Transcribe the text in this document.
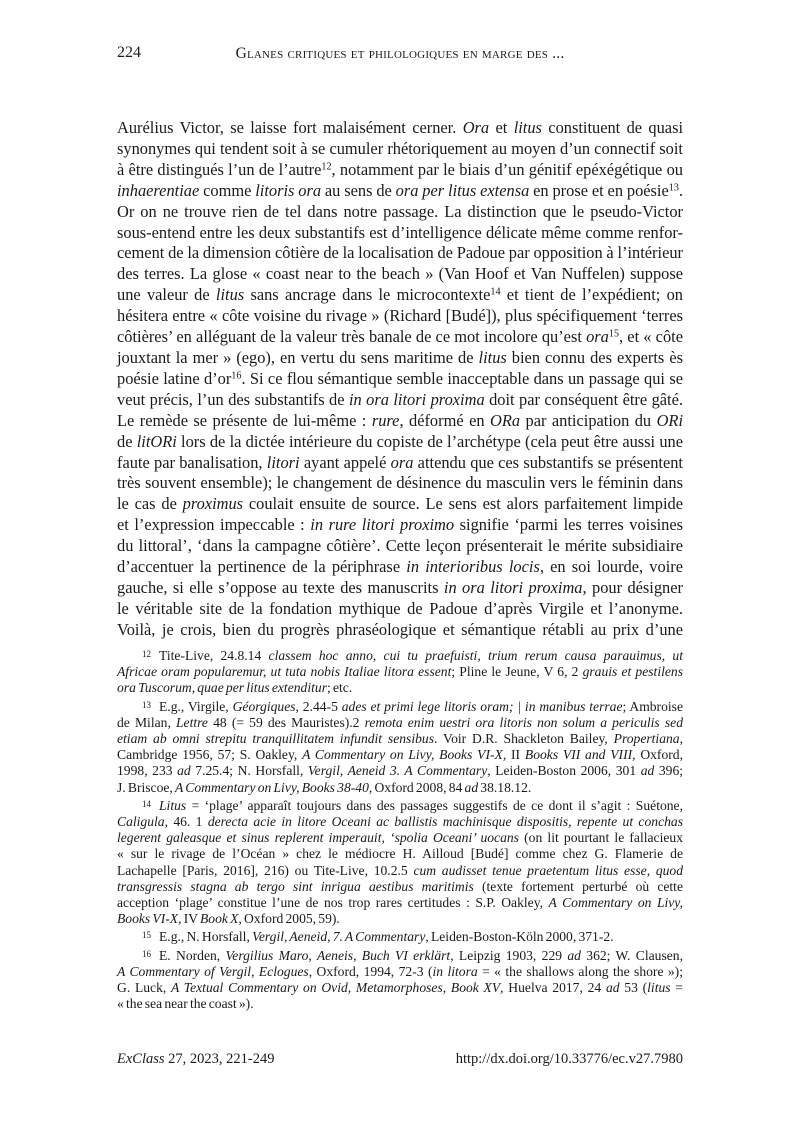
224	Glanes critiques et philologiques en marge des ...
Aurélius Victor, se laisse fort malaisément cerner. Ora et litus constituent de quasi
synonymes qui tendent soit à se cumuler rhétoriquement au moyen d’un connectif soit
à être distingués l’un de l’autre$^{12}$, notamment par le biais d’un génitif epéxégétique ou
inhaerentiae comme litoris ora au sens de ora per litus extensa en prose et en poésie$^{13}$.
Or on ne trouve rien de tel dans notre passage. La distinction que le pseudo-Victor
sous-entend entre les deux substantifs est d’intelligence délicate même comme renfor-
cement de la dimension côtière de la localisation de Padoue par opposition à l’intérieur
des terres. La glose « coast near to the beach » (Van Hoof et Van Nuffelen) suppose
une valeur de litus sans ancrage dans le microcontexte$^{14}$ et tient de l’expédient; on
hésitera entre « côte voisine du rivage » (Richard [Budé]), plus spécifiquement ‘terres
côtières’ en alléguant de la valeur très banale de ce mot incolore qu’est ora$^{15}$, et « côte
jouxtant la mer » (ego), en vertu du sens maritime de litus bien connu des experts ès
poésie latine $d’or^{16}$. Si ce flou sémantique semble inacceptable dans un passage qui se
veut précis, l’un des substantifs de in ora litori proxima doit par conséquent être gâté.
Le remède se présente de lui-même : rure, déformé en ORa par anticipation du ORi
de litORi lors de la dictée intérieure du copiste de l’archétype (cela peut être aussi une
faute par banalisation, litori ayant appelé ora attendu que ces substantifs se présentent
très souvent ensemble); le changement de désinence du masculin vers le féminin dans
le cas de proximus coulait ensuite de source. Le sens est alors parfaitement limpide
et l’expression impeccable : in rure litori proximo signifie ‘parmi les terres voisines
du littoral’, ‘dans la campagne côtière’. Cette leçon présenterait le mérite subsidiaire
d’accentuer la pertinence de la périphrase in interioribus locis, en soi lourde, voire
gauche, si elle s’oppose au texte des manuscrits in ora litori proxima, pour désigner
le véritable site de la fondation mythique de Padoue d’après Virgile et l’anonyme.
Voilà, je crois, bien du progrès phraséologique et sémantique rétabli au prix d’une
12 Tite-Live, 24.8.14 classem hoc anno, cui tu praefuisti, trium rerum causa parauimus, ut
Africae oram popularemur, ut tuta nobis Italiae litora essent; Pline le Jeune, V 6, 2 grauis et pestilens
ora Tuscorum, quae per litus extenditur; etc.
13 E.g., Virgile, Géorgiques, 2.44-5 ades et primi lege litoris oram; | in manibus terrae; Ambroise
de Milan, Lettre 48 (= 59 des Mauristes).2 remota enim uestri ora litoris non solum a periculis sed
etiam ab omni strepitu tranquillitatem infundit sensibus. Voir D.R. Shackleton Bailey, Propertiana,
Cambridge 1956, 57; S. Oakley, A Commentary on Livy, Books VI-X, II Books VII and VIII, Oxford,
1998, 233 ad 7.25.4; N. Horsfall, Vergil, Aeneid 3. A Commentary, Leiden-Boston 2006, 301 ad 396;
J. Briscoe, A Commentary on Livy, Books 38-40, Oxford 2008, 84 ad 38.18.12.
14 Litus = ‘plage’ apparaît toujours dans des passages suggestifs de ce dont il s’agit : Suétone,
Caligula, 46. 1 derecta acie in litore Oceani ac ballistis machinisque dispositis, repente ut conchas
legerent galeasque et sinus replerent imperauit, ‘spolia Oceani’ uocans (on lit pourtant le fallacieux
« sur le rivage de l’Océan » chez le médiocre H. Ailloud [Budé] comme chez G. Flamerie de
Lachapelle [Paris, 2016], 216) ou Tite-Live, 10.2.5 cum audisset tenue praetentum litus esse, quod
transgressis stagna ab tergo sint inrigua aestibus maritimis (texte fortement perturbé où cette
acception ‘plage’ constitue l’une de nos trop rares certitudes : S.P. Oakley, A Commentary on Livy,
Books VI-X, IV Book X, Oxford 2005, 59).
15 E.g., N. Horsfall, Vergil, Aeneid, 7. A Commentary, Leiden-Boston-Köln 2000, 371-2.
16 E. Norden, Vergilius Maro, Aeneis, Buch VI erklärt, Leipzig 1903, 229 ad 362; W. Clausen,
A Commentary of Vergil, Eclogues, Oxford, 1994, 72-3 (in litora = « the shallows along the shore »);
G. Luck, A Textual Commentary on Ovid, Metamorphoses, Book XV, Huelva 2017, 24 ad 53 (litus =
« the sea near the coast »).
ExClass 27, 2023, 221-249	http://dx.doi.org/10.33776/ec.v27.7980
